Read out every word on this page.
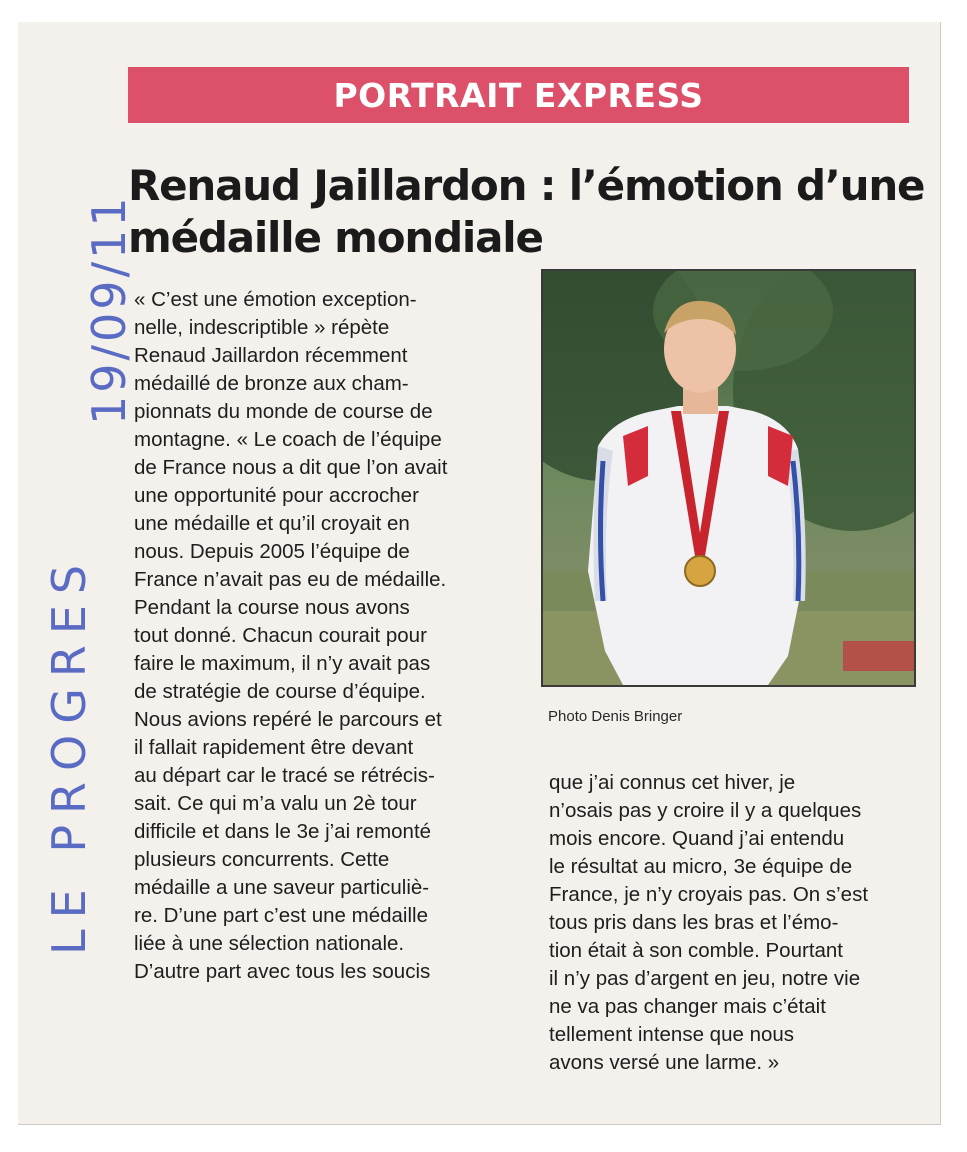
PORTRAIT EXPRESS
Renaud Jaillardon : l’émotion d’une médaille mondiale

« C’est une émotion exception-
nelle, indescriptible » répète
Renaud Jaillardon récemment
médaillé de bronze aux cham-
pionnats du monde de course de
montagne. « Le coach de l’équipe
de France nous a dit que l’on avait
une opportunité pour accrocher
une médaille et qu’il croyait en
nous. Depuis 2005 l’équipe de
France n’avait pas eu de médaille.
Pendant la course nous avons
tout donné. Chacun courait pour
faire le maximum, il n’y avait pas
de stratégie de course d’équipe.
Nous avions repéré le parcours et
il fallait rapidement être devant
au départ car le tracé se rétrécis-
sait. Ce qui m’a valu un 2è tour
difficile et dans le 3e j’ai remonté
plusieurs concurrents. Cette
médaille a une saveur particuliè-
re. D’une part c’est une médaille
liée à une sélection nationale.
D’autre part avec tous les soucis

Photo Denis Bringer

que j’ai connus cet hiver, je
n’osais pas y croire il y a quelques
mois encore. Quand j’ai entendu
le résultat au micro, 3e équipe de
France, je n’y croyais pas. On s’est
tous pris dans les bras et l’émo-
tion était à son comble. Pourtant
il n’y pas d’argent en jeu, notre vie
ne va pas changer mais c’était
tellement intense que nous
avons versé une larme. »

LE PROGRES
19/09/11
